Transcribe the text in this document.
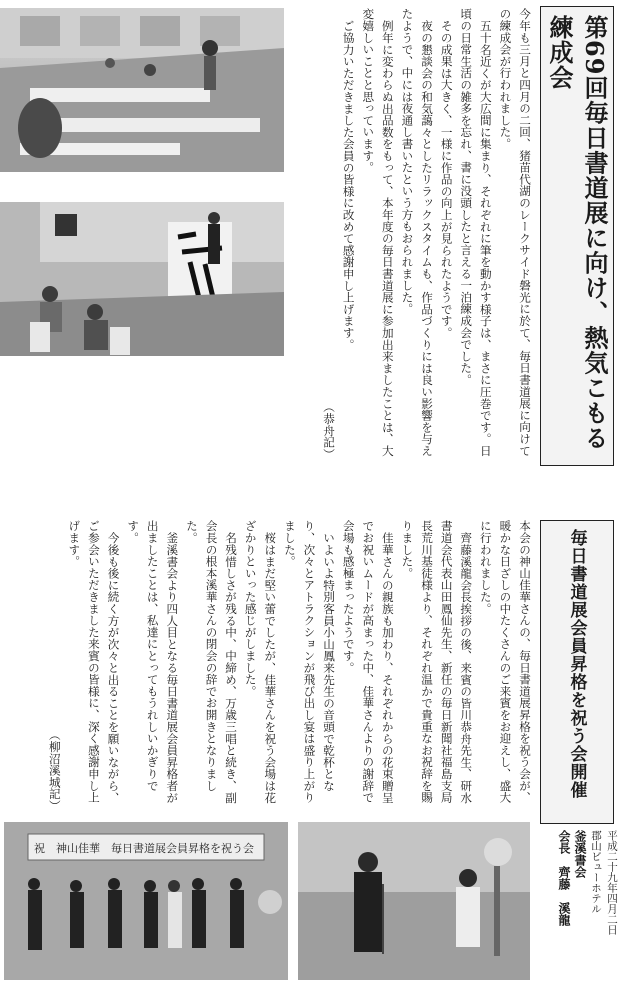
第69回毎日書道展に向け、熱気こもる練成会

今年も三月と四月の二回、猪苗代湖のレークサイド磐光に於て、毎日書道展に向けての練成会が行われました。

五十名近くが大広間に集まり、それぞれに筆を動かす様子は、まさに圧巻です。日頃の日常生活の雑多を忘れ、書に没頭したと言える一泊練成会でした。

その成果は大きく、一様に作品の向上が見られたようです。

夜の懇談会の和気藹々としたリラックスタイムも、作品づくりには良い影響を与えたようで、中には夜通し書いたという方もおられました。

例年に変わらぬ出品数をもって、本年度の毎日書道展に参加出来ましたことは、大変嬉しいことと思っています。

ご協力いただきました会員の皆様に改めて感謝申し上げます。

（恭舟記）
毎日書道展会員昇格を祝う会開催
平成二十九年四月二日
郡山ビューホテル
釜溪書会
会長　齊藤　溪龍

本会の神山佳華さんの、毎日書道展昇格を祝う会が、暖かな日ざしの中たくさんのご来賓をお迎えし、盛大に行われました。

齊藤溪龍会長挨拶の後、来賓の皆川恭舟先生、研水書道会代表山田鳳仙先生、新任の毎日新聞社福島支局長荒川基徒様より、それぞれ温かで貴重なお祝辞を賜りました。

佳華さんの親族も加わり、それぞれからの花束贈呈でお祝いムードが高まった中、佳華さんよりの謝辞で会場も感極まったようです。

いよいよ特別客員小山鳳来先生の音頭で乾杯となり、次々とアトラクションが飛び出し宴は盛り上がりました。

桜はまだ堅い蕾でしたが、佳華さんを祝う会場は花ざかりといった感じがしました。

名残惜しさが残る中、中締め、万歳三唱と続き、副会長の根本溪華さんの閉会の辞でお開きとなりました。

釜溪書会より四人目となる毎日書道展会員昇格者が出ましたことは、私達にとってもうれしいかぎりです。

今後も後に続く方が次々と出ることを願いながら、ご参会いただきました来賓の皆様に、深く感謝申し上げます。

（柳沼溪城記）
祝　神山佳華　毎日書道展会員昇格を祝う会
